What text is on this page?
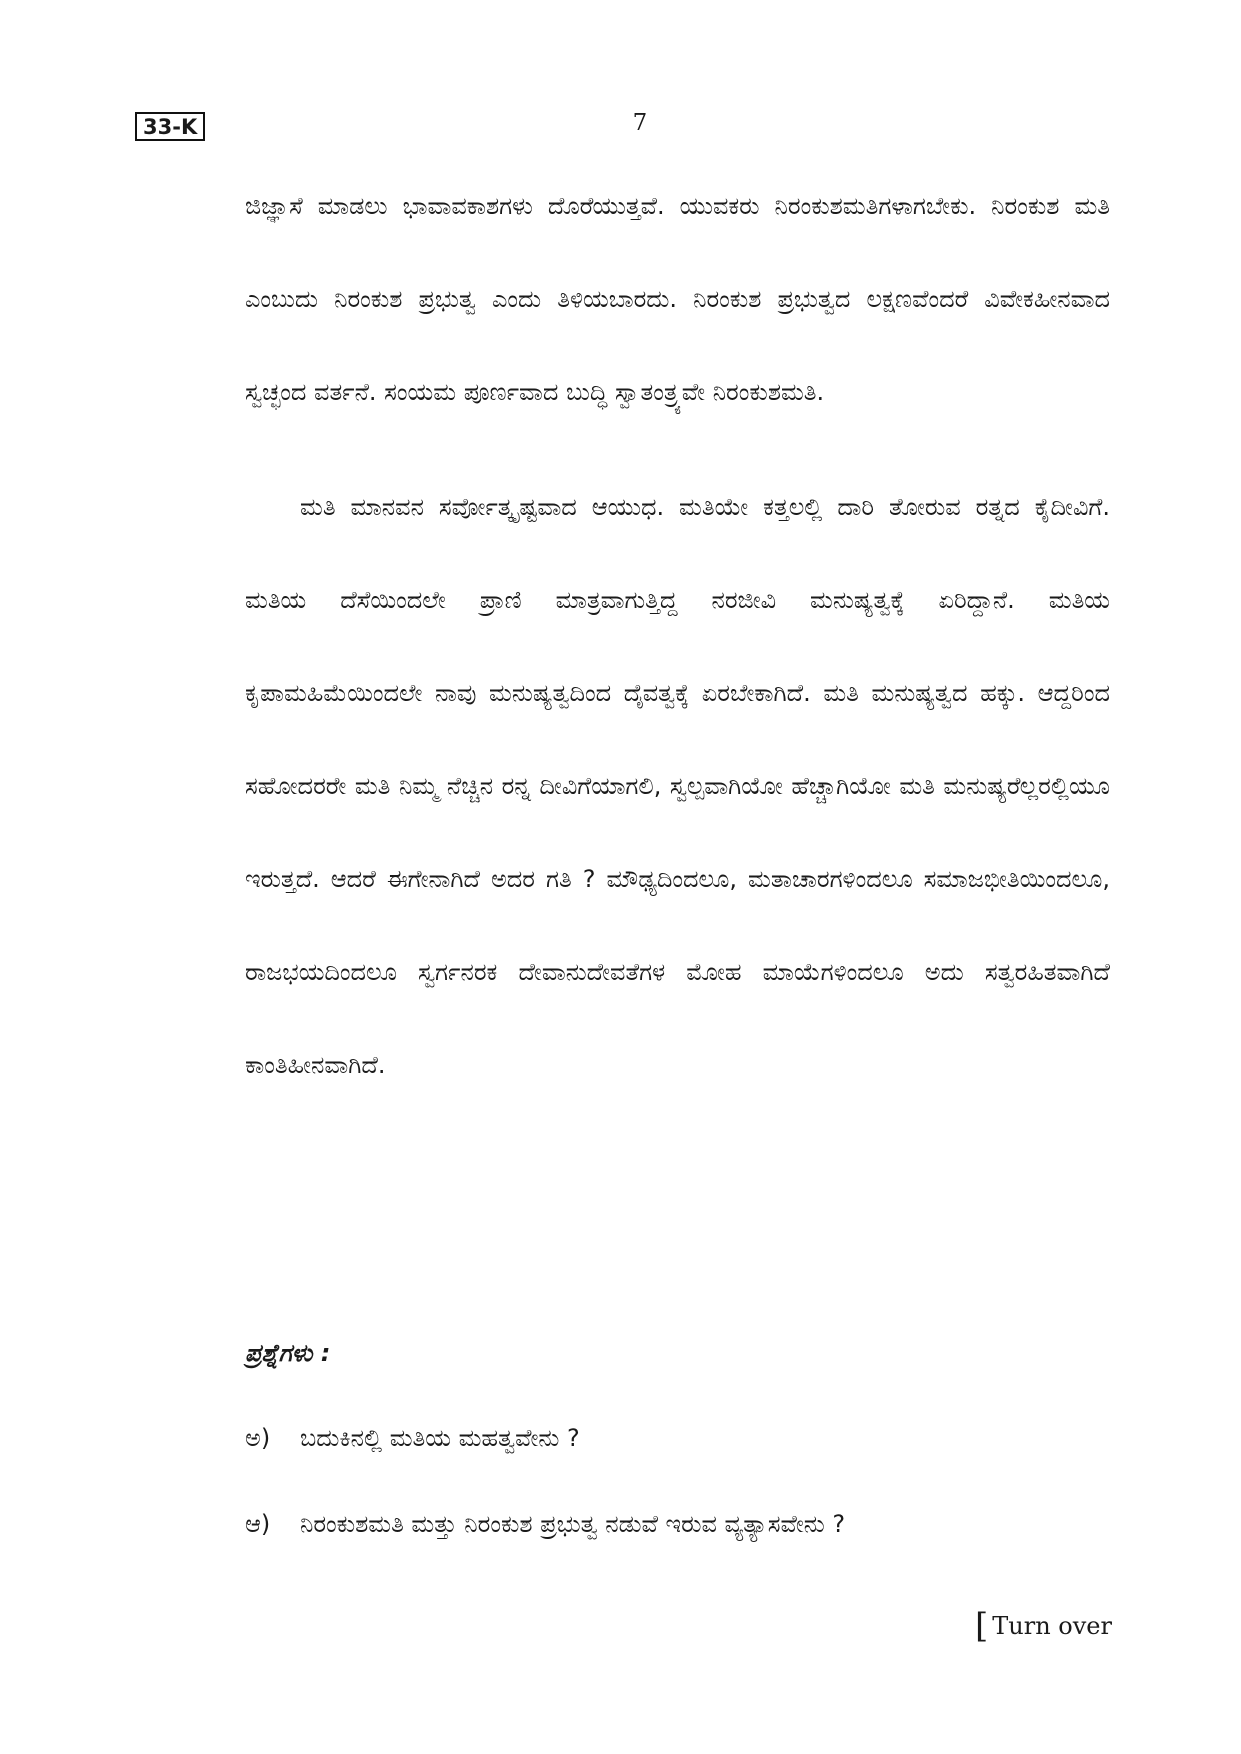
33-K	7

ಜಿಜ್ಞಾಸೆ ಮಾಡಲು ಭಾವಾವಕಾಶಗಳು ದೊರೆಯುತ್ತವೆ. ಯುವಕರು ನಿರಂಕುಶಮತಿಗಳಾಗಬೇಕು. ನಿರಂಕುಶ ಮತಿ ಎಂಬುದು ನಿರಂಕುಶ ಪ್ರಭುತ್ವ ಎಂದು ತಿಳಿಯಬಾರದು. ನಿರಂಕುಶ ಪ್ರಭುತ್ವದ ಲಕ್ಷಣವೆಂದರೆ ವಿವೇಕಹೀನವಾದ ಸ್ವಚ್ಛಂದ ವರ್ತನೆ. ಸಂಯಮ ಪೂರ್ಣವಾದ ಬುದ್ಧಿ ಸ್ವಾತಂತ್ರ್ಯವೇ ನಿರಂಕುಶಮತಿ.

ಮತಿ ಮಾನವನ ಸರ್ವೋತ್ಕೃಷ್ಟವಾದ ಆಯುಧ. ಮತಿಯೇ ಕತ್ತಲಲ್ಲಿ ದಾರಿ ತೋರುವ ರತ್ನದ ಕೈದೀವಿಗೆ. ಮತಿಯ ದೆಸೆಯಿಂದಲೇ ಪ್ರಾಣಿ ಮಾತ್ರವಾಗುತ್ತಿದ್ದ ನರಜೀವಿ ಮನುಷ್ಯತ್ವಕ್ಕೆ ಏರಿದ್ದಾನೆ. ಮತಿಯ ಕೃಪಾಮಹಿಮೆಯಿಂದಲೇ ನಾವು ಮನುಷ್ಯತ್ವದಿಂದ ದೈವತ್ವಕ್ಕೆ ಏರಬೇಕಾಗಿದೆ. ಮತಿ ಮನುಷ್ಯತ್ವದ ಹಕ್ಕು. ಆದ್ದರಿಂದ ಸಹೋದರರೇ ಮತಿ ನಿಮ್ಮ ನೆಚ್ಚಿನ ರನ್ನ ದೀವಿಗೆಯಾಗಲಿ, ಸ್ವಲ್ಪವಾಗಿಯೋ ಹೆಚ್ಚಾಗಿಯೋ ಮತಿ ಮನುಷ್ಯರೆಲ್ಲರಲ್ಲಿಯೂ ಇರುತ್ತದೆ. ಆದರೆ ಈಗೇನಾಗಿದೆ ಅದರ ಗತಿ ? ಮೌಢ್ಯದಿಂದಲೂ, ಮತಾಚಾರಗಳಿಂದಲೂ ಸಮಾಜಭೀತಿಯಿಂದಲೂ, ರಾಜಭಯದಿಂದಲೂ ಸ್ವರ್ಗನರಕ ದೇವಾನುದೇವತೆಗಳ ಮೋಹ ಮಾಯೆಗಳಿಂದಲೂ ಅದು ಸತ್ವರಹಿತವಾಗಿದೆ ಕಾಂತಿಹೀನವಾಗಿದೆ.

ಪ್ರಶ್ನೆಗಳು :
ಅ) ಬದುಕಿನಲ್ಲಿ ಮತಿಯ ಮಹತ್ವವೇನು ?
ಆ) ನಿರಂಕುಶಮತಿ ಮತ್ತು ನಿರಂಕುಶ ಪ್ರಭುತ್ವ ನಡುವೆ ಇರುವ ವ್ಯತ್ಯಾಸವೇನು ?
[ Turn over
